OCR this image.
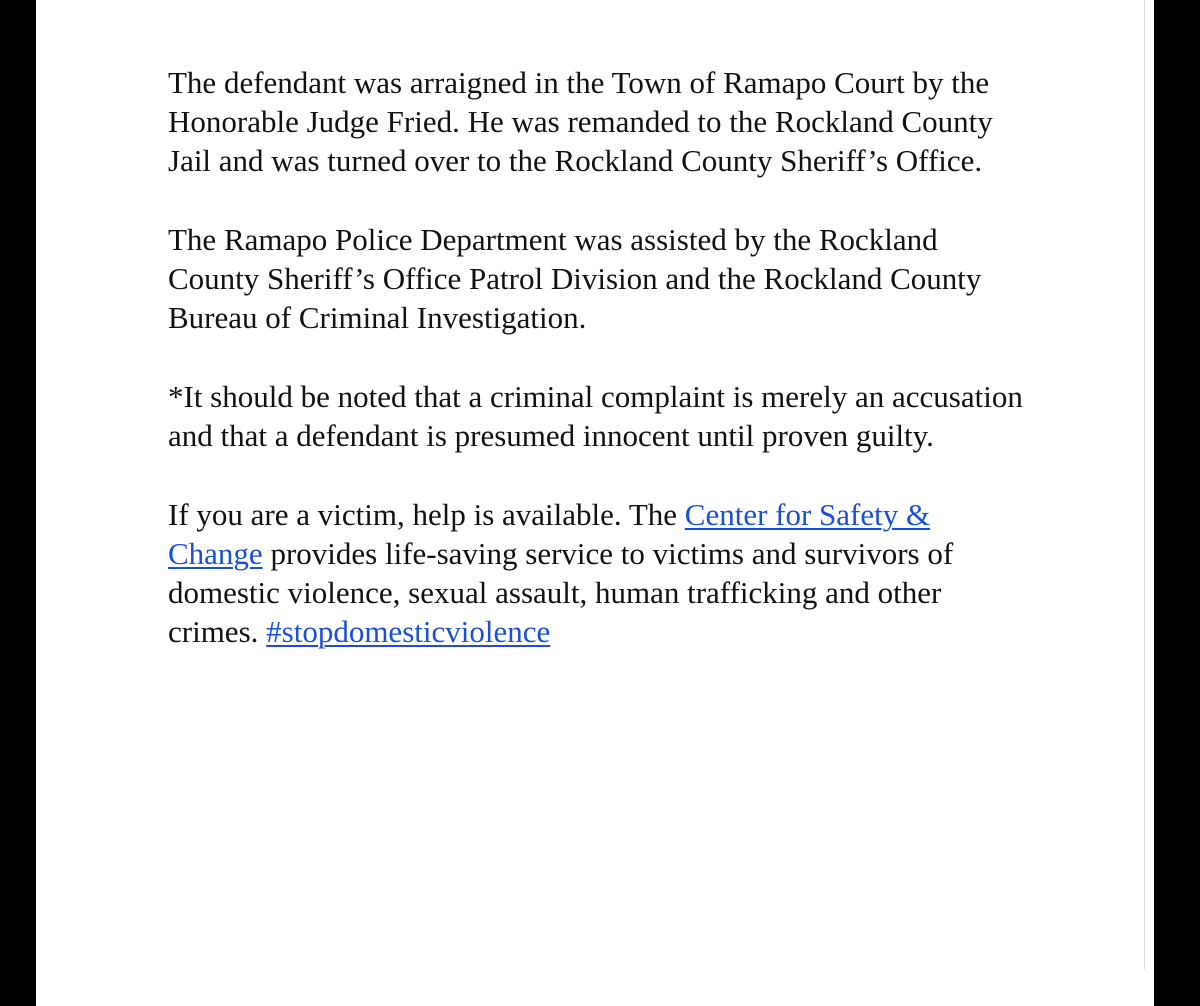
The defendant was arraigned in the Town of Ramapo Court by the Honorable Judge Fried. He was remanded to the Rockland County Jail and was turned over to the Rockland County Sheriff’s Office.

The Ramapo Police Department was assisted by the Rockland County Sheriff’s Office Patrol Division and the Rockland County Bureau of Criminal Investigation.

*It should be noted that a criminal complaint is merely an accusation and that a defendant is presumed innocent until proven guilty.

If you are a victim, help is available. The Center for Safety & Change provides life-saving service to victims and survivors of domestic violence, sexual assault, human trafficking and other crimes. #stopdomesticviolence
